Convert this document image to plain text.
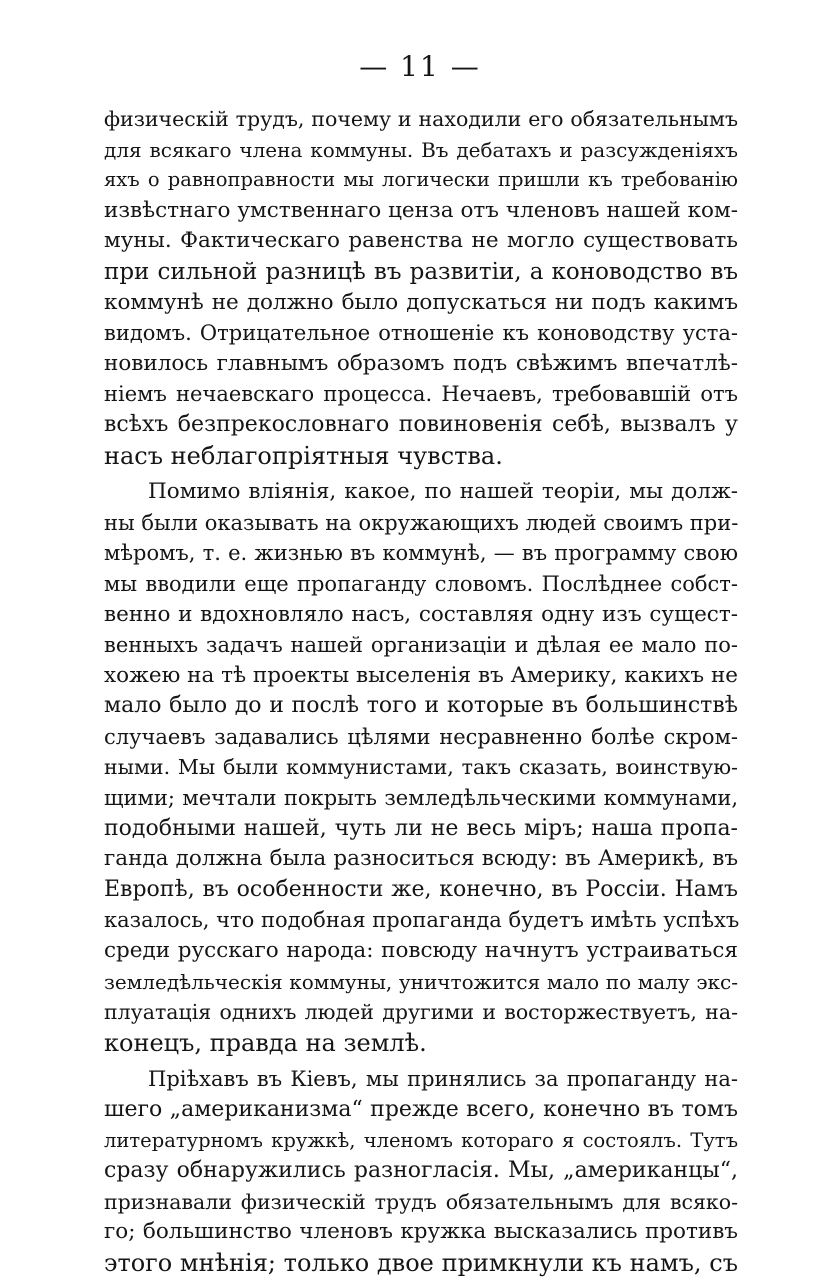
— 11 —

физическій трудъ, почему и находили его обязательнымъ
для всякаго члена коммуны. Въ дебатахъ и разсужденіяхъ
яхъ о равноправности мы логически пришли къ требованію
извѣстнаго умственнаго ценза отъ членовъ нашей ком-
муны. Фактическаго равенства не могло существовать
при сильной разницѣ въ развитіи, а коноводство въ
коммунѣ не должно было допускаться ни подъ какимъ
видомъ. Отрицательное отношеніе къ коноводству уста-
новилось главнымъ образомъ подъ свѣжимъ впечатлѣ-
ніемъ нечаевскаго процесса. Нечаевъ, требовавшій отъ
всѣхъ безпрекословнаго повиновенія себѣ, вызвалъ у
насъ неблагопріятныя чувства.

Помимо вліянія, какое, по нашей теоріи, мы долж-
ны были оказывать на окружающихъ людей своимъ при-
мѣромъ, т. е. жизнью въ коммунѣ, — въ программу свою
мы вводили еще пропаганду словомъ. Послѣднее собст-
венно и вдохновляло насъ, составляя одну изъ сущест-
венныхъ задачъ нашей организаціи и дѣлая ее мало по-
хожею на тѣ проекты выселенія въ Америку, какихъ не
мало было до и послѣ того и которые въ большинствѣ
случаевъ задавались цѣлями несравненно болѣе скром-
ными. Мы были коммунистами, такъ сказать, воинствую-
щими; мечтали покрыть земледѣльческими коммунами,
подобными нашей, чуть ли не весь міръ; наша пропа-
ганда должна была разноситься всюду: въ Америкѣ, въ
Европѣ, въ особенности же, конечно, въ Россіи. Намъ
казалось, что подобная пропаганда будетъ имѣть успѣхъ
среди русскаго народа: повсюду начнутъ устраиваться
земледѣльческія коммуны, уничтожится мало по малу экс-
плуатація однихъ людей другими и восторжествуетъ, на-
конецъ, правда на землѣ.

Пріѣхавъ въ Кіевъ, мы принялись за пропаганду на-
шего „американизма“ прежде всего, конечно въ томъ
литературномъ кружкѣ, членомъ котораго я состоялъ. Тутъ
сразу обнаружились разногласія. Мы, „американцы“,
признавали физическій трудъ обязательнымъ для всяко-
го; большинство членовъ кружка высказались противъ
этого мнѣнія; только двое примкнули къ намъ, съ
